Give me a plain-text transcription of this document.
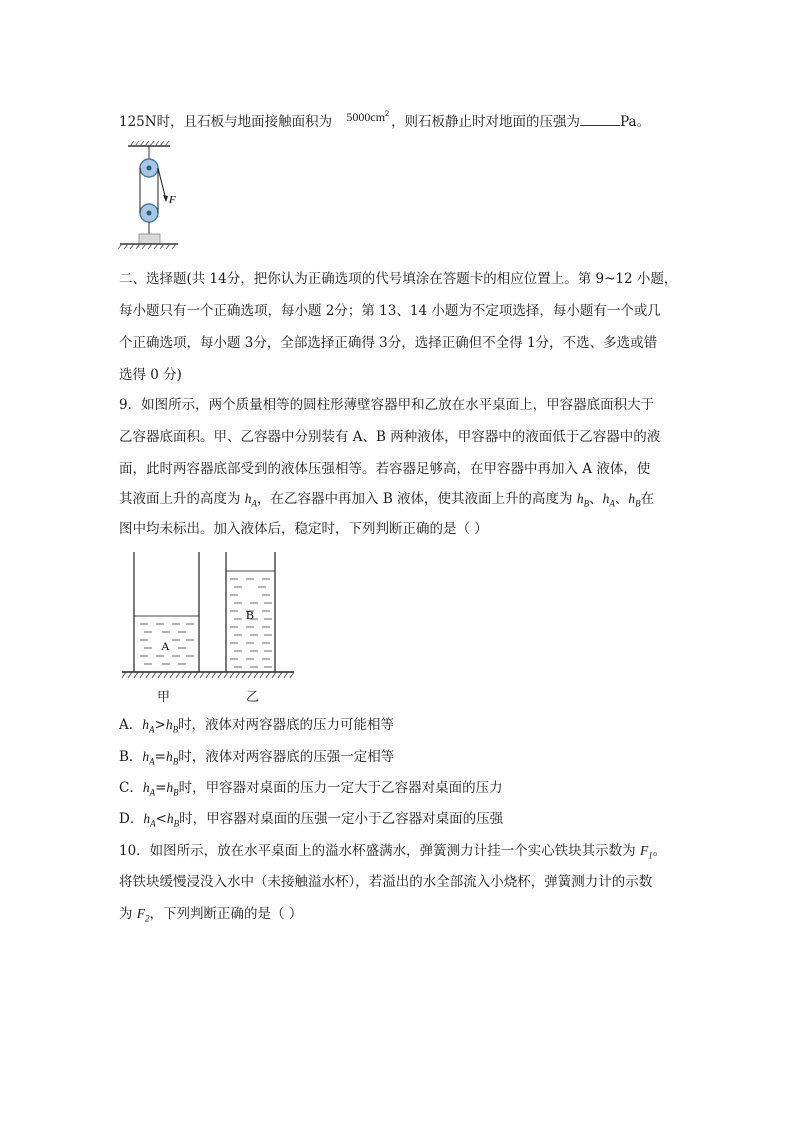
125N时，且石板与地面接触面积为 $5000cm^2$，则石板静止时对地面的压强为	Pa。
F
二、选择题(共 14分，把你认为正确选项的代号填涂在答题卡的相应位置上。第 9~12 小题，
每小题只有一个正确选项，每小题 2分；第 13、14 小题为不定项选择，每小题有一个或几
个正确选项，每小题 3分，全部选择正确得 3分，选择正确但不全得 1分，不选、多选或错
选得 0 分)
9．如图所示，两个质量相等的圆柱形薄壁容器甲和乙放在水平桌面上，甲容器底面积大于
乙容器底面积。甲、乙容器中分别装有 A、B 两种液体，甲容器中的液面低于乙容器中的液
面，此时两容器底部受到的液体压强相等。若容器足够高，在甲容器中再加入 A 液体，使
其液面上升的高度为 $h_A$，在乙容器中再加入 B 液体，使其液面上升的高度为 $h_B$、$h_A$、$h_B$在
图中均未标出。加入液体后，稳定时，下列判断正确的是（ ）
A
B
甲	乙
A．$h_A>h_B$时，液体对两容器底的压力可能相等
B．$h_A=h_B$时，液体对两容器底的压强一定相等
C．$h_A=h_B$时，甲容器对桌面的压力一定大于乙容器对桌面的压力
D．$h_A<h_B$时，甲容器对桌面的压强一定小于乙容器对桌面的压强
10．如图所示，放在水平桌面上的溢水杯盛满水，弹簧测力计挂一个实心铁块其示数为 $F_1$。
将铁块缓慢浸没入水中（未接触溢水杯），若溢出的水全部流入小烧杯，弹簧测力计的示数
为 $F_2$，下列判断正确的是（ ）
